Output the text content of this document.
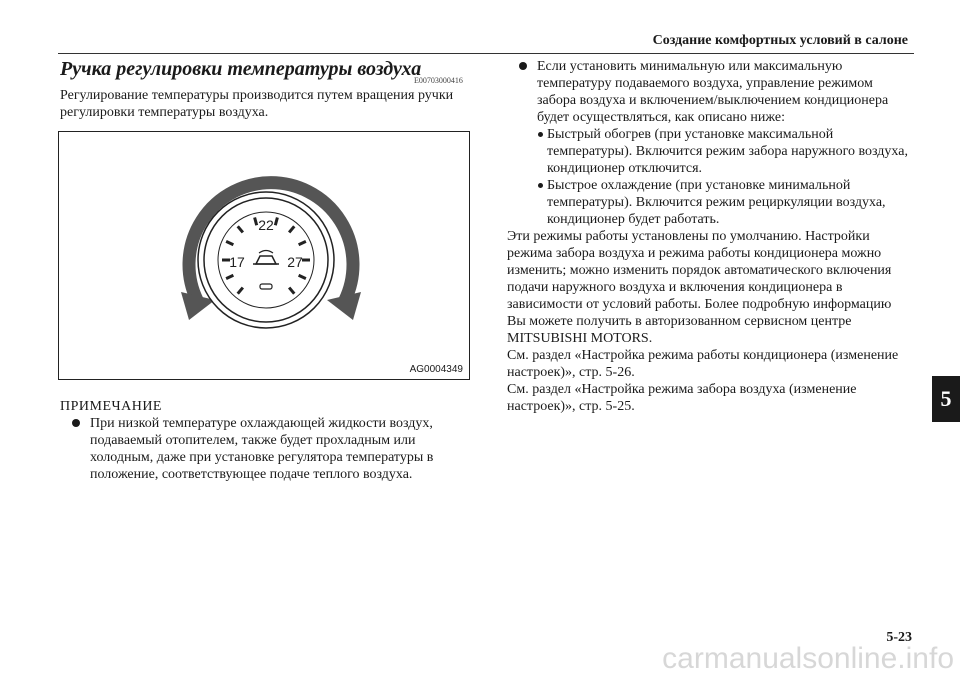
Создание комфортных условий в салоне
Ручка регулировки температуры воздуха
E00703000416
Регулирование температуры производится путем вращения ручки регулировки температуры воздуха.
22
17	27
AG0004349
ПРИМЕЧАНИЕ
При низкой температуре охлаждающей жидкости воздух, подаваемый отопителем, также будет прохладным или холодным, даже при установке регулятора температуры в положение, соответствующее подаче теплого воздуха.
Если установить минимальную или максимальную температуру подаваемого воздуха, управление режимом забора воздуха и включением/выключением кондиционера будет осуществляться, как описано ниже:
Быстрый обогрев (при установке максимальной температуры). Включится режим забора наружного воздуха, кондиционер отключится.
Быстрое охлаждение (при установке минимальной температуры). Включится режим рециркуляции воздуха, кондиционер будет работать.

Эти режимы работы установлены по умолчанию. Настройки режима забора воздуха и режима работы кондиционера можно изменить; можно изменить порядок автоматического включения подачи наружного воздуха и включения кондиционера в зависимости от условий работы. Более подробную информацию Вы можете получить в авторизованном сервисном центре MITSUBISHI MOTORS.

См. раздел «Настройка режима работы кондиционера (изменение настроек)», стр. 5-26.

См. раздел «Настройка режима забора воздуха (изменение настроек)», стр. 5-25.	5
5-23
carmanualsonline.info
